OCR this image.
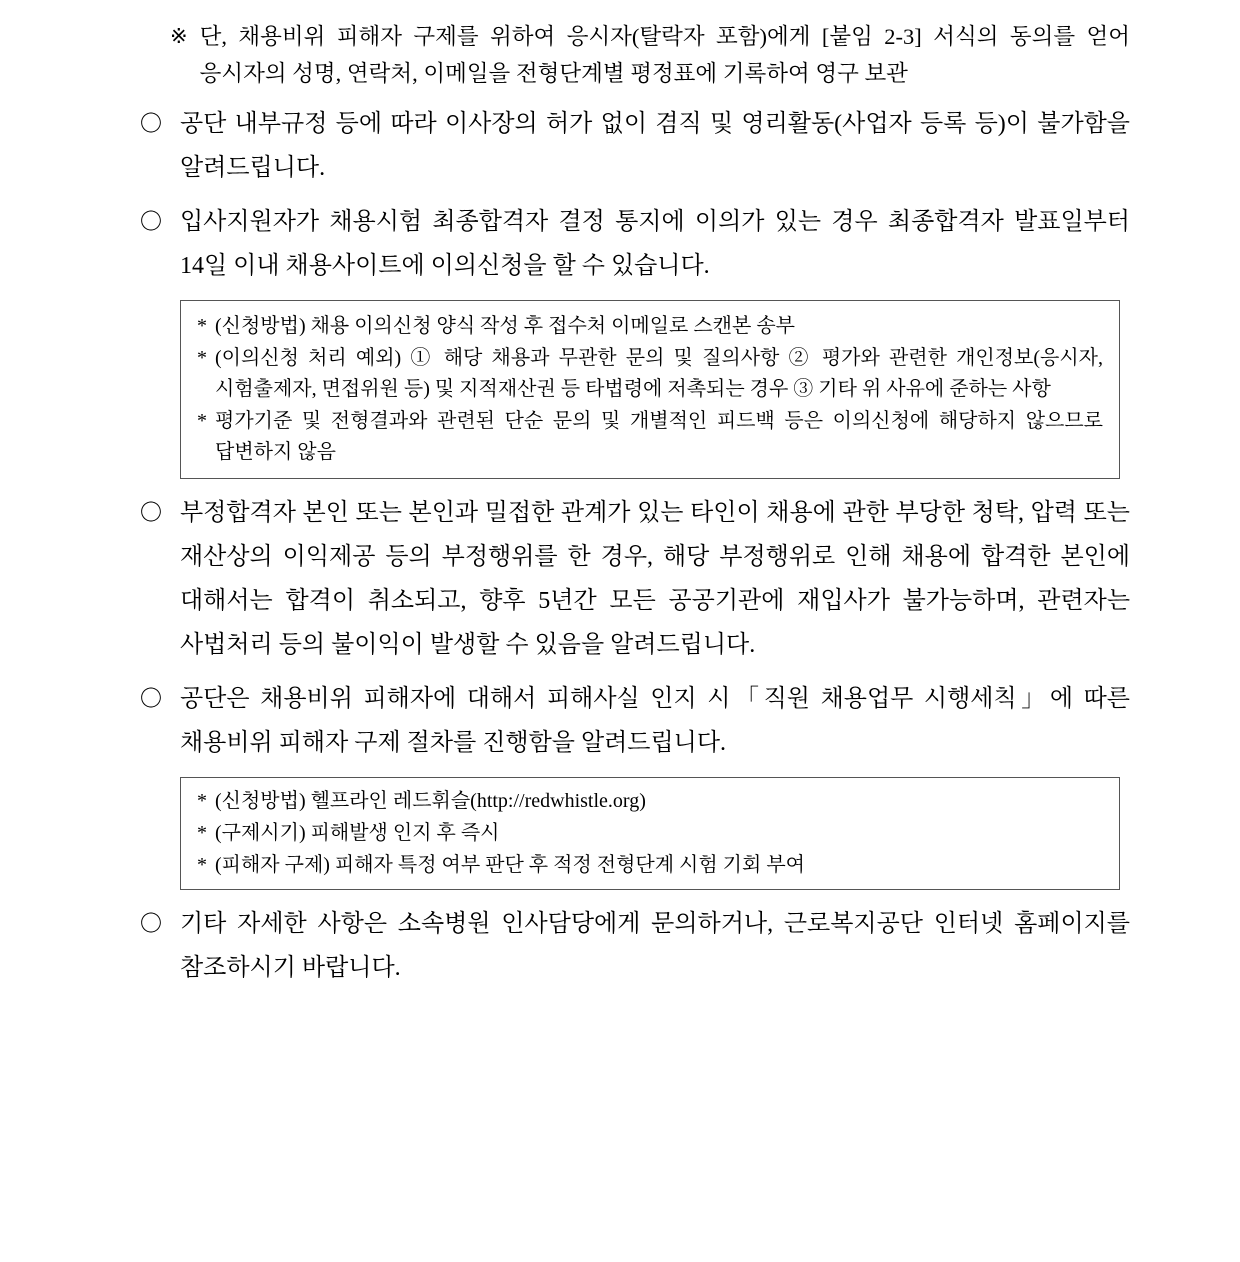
※ 단, 채용비위 피해자 구제를 위하여 응시자(탈락자 포함)에게 [붙임 2-3] 서식의 동의를 얻어 응시자의 성명, 연락처, 이메일을 전형단계별 평정표에 기록하여 영구 보관
〇 공단 내부규정 등에 따라 이사장의 허가 없이 겸직 및 영리활동(사업자 등록 등)이 불가함을 알려드립니다.
〇 입사지원자가 채용시험 최종합격자 결정 통지에 이의가 있는 경우 최종합격자 발표일부터 14일 이내 채용사이트에 이의신청을 할 수 있습니다.
* (신청방법) 채용 이의신청 양식 작성 후 접수처 이메일로 스캔본 송부
* (이의신청 처리 예외) ① 해당 채용과 무관한 문의 및 질의사항 ② 평가와 관련한 개인정보(응시자, 시험출제자, 면접위원 등) 및 지적재산권 등 타법령에 저촉되는 경우 ③ 기타 위 사유에 준하는 사항
* 평가기준 및 전형결과와 관련된 단순 문의 및 개별적인 피드백 등은 이의신청에 해당하지 않으므로 답변하지 않음
〇 부정합격자 본인 또는 본인과 밀접한 관계가 있는 타인이 채용에 관한 부당한 청탁, 압력 또는 재산상의 이익제공 등의 부정행위를 한 경우, 해당 부정행위로 인해 채용에 합격한 본인에 대해서는 합격이 취소되고, 향후 5년간 모든 공공기관에 재입사가 불가능하며, 관련자는 사법처리 등의 불이익이 발생할 수 있음을 알려드립니다.
〇 공단은 채용비위 피해자에 대해서 피해사실 인지 시「직원 채용업무 시행세칙」에 따른 채용비위 피해자 구제 절차를 진행함을 알려드립니다.
* (신청방법) 헬프라인 레드휘슬(http://redwhistle.org)
* (구제시기) 피해발생 인지 후 즉시
* (피해자 구제) 피해자 특정 여부 판단 후 적정 전형단계 시험 기회 부여
〇 기타 자세한 사항은 소속병원 인사담당에게 문의하거나, 근로복지공단 인터넷 홈페이지를 참조하시기 바랍니다.
